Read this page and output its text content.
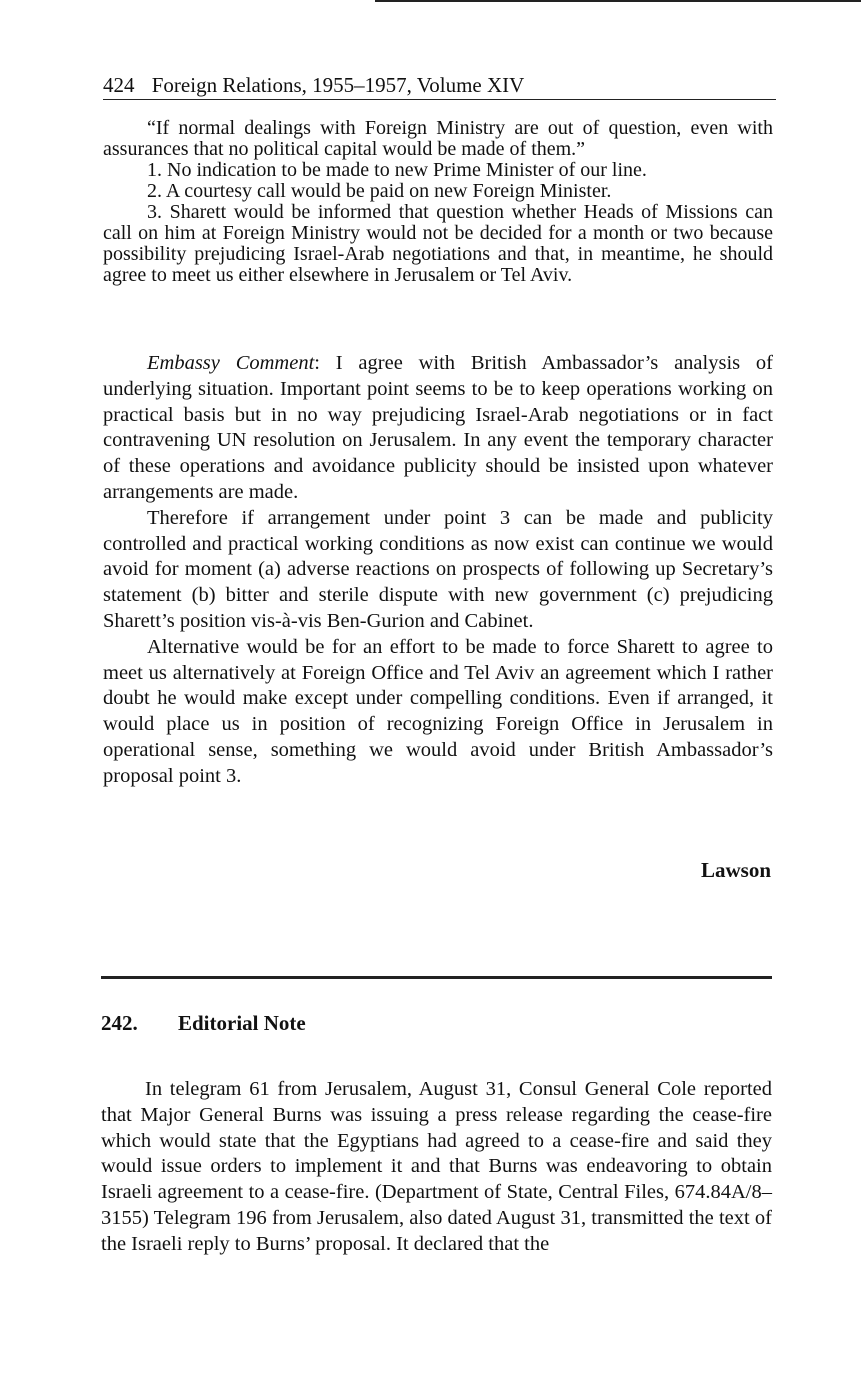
424 Foreign Relations, 1955–1957, Volume XIV

“If normal dealings with Foreign Ministry are out of question, even with assurances that no political capital would be made of them.”

1. No indication to be made to new Prime Minister of our line.

2. A courtesy call would be paid on new Foreign Minister.

3. Sharett would be informed that question whether Heads of Missions can call on him at Foreign Ministry would not be decided for a month or two because possibility prejudicing Israel-Arab negotiations and that, in meantime, he should agree to meet us either elsewhere in Jerusalem or Tel Aviv.

Embassy Comment: I agree with British Ambassador’s analysis of underlying situation. Important point seems to be to keep operations working on practical basis but in no way prejudicing Israel-Arab negotiations or in fact contravening UN resolution on Jerusalem. In any event the temporary character of these operations and avoidance publicity should be insisted upon whatever arrangements are made.

Therefore if arrangement under point 3 can be made and publicity controlled and practical working conditions as now exist can continue we would avoid for moment (a) adverse reactions on prospects of following up Secretary’s statement (b) bitter and sterile dispute with new government (c) prejudicing Sharett’s position vis-à-vis Ben-Gurion and Cabinet.

Alternative would be for an effort to be made to force Sharett to agree to meet us alternatively at Foreign Office and Tel Aviv an agreement which I rather doubt he would make except under compelling conditions. Even if arranged, it would place us in position of recognizing Foreign Office in Jerusalem in operational sense, something we would avoid under British Ambassador’s proposal point 3.

Lawson
242. Editorial Note

In telegram 61 from Jerusalem, August 31, Consul General Cole reported that Major General Burns was issuing a press release regarding the cease-fire which would state that the Egyptians had agreed to a cease-fire and said they would issue orders to implement it and that Burns was endeavoring to obtain Israeli agreement to a cease-fire. (Department of State, Central Files, 674.84A/8–3155) Telegram 196 from Jerusalem, also dated August 31, transmitted the text of the Israeli reply to Burns’ proposal. It declared that the
